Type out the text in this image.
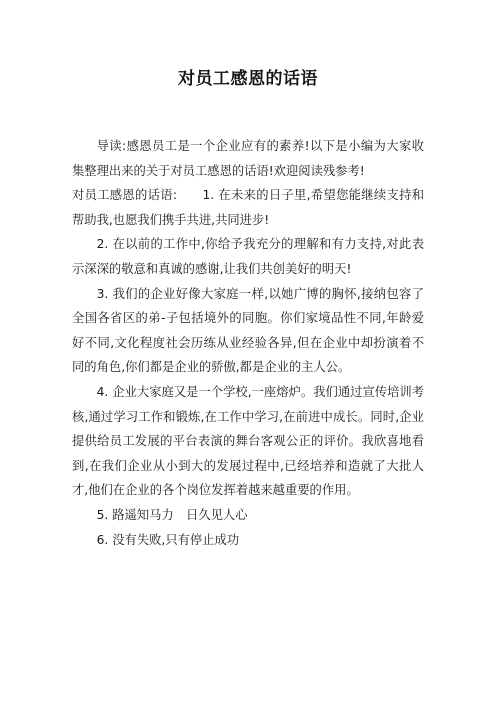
对员工感恩的话语

导读:感恩员工是一个企业应有的素养!以下是小编为大家收集整理出来的关于对员工感恩的话语!欢迎阅读残参考!

对员工感恩的话语:　　1. 在未来的日子里,希望您能继续支持和帮助我,也愿我们携手共进,共同进步!

2. 在以前的工作中,你给予我充分的理解和有力支持,对此表示深深的敬意和真诚的感谢,让我们共创美好的明天!

3. 我们的企业好像大家庭一样,以她广博的胸怀,接纳包容了全国各省区的弟-子包括境外的同胞。你们家境品性不同,年龄爱好不同,文化程度社会历练从业经验各异,但在企业中却扮演着不同的角色,你们都是企业的骄傲,都是企业的主人公。

4. 企业大家庭又是一个学校,一座熔炉。我们通过宣传培训考核,通过学习工作和锻炼,在工作中学习,在前进中成长。同时,企业提供给员工发展的平台表演的舞台客观公正的评价。我欣喜地看到,在我们企业从小到大的发展过程中,已经培养和造就了大批人才,他们在企业的各个岗位发挥着越来越重要的作用。

5. 路遥知马力　日久见人心

6. 没有失败,只有停止成功
